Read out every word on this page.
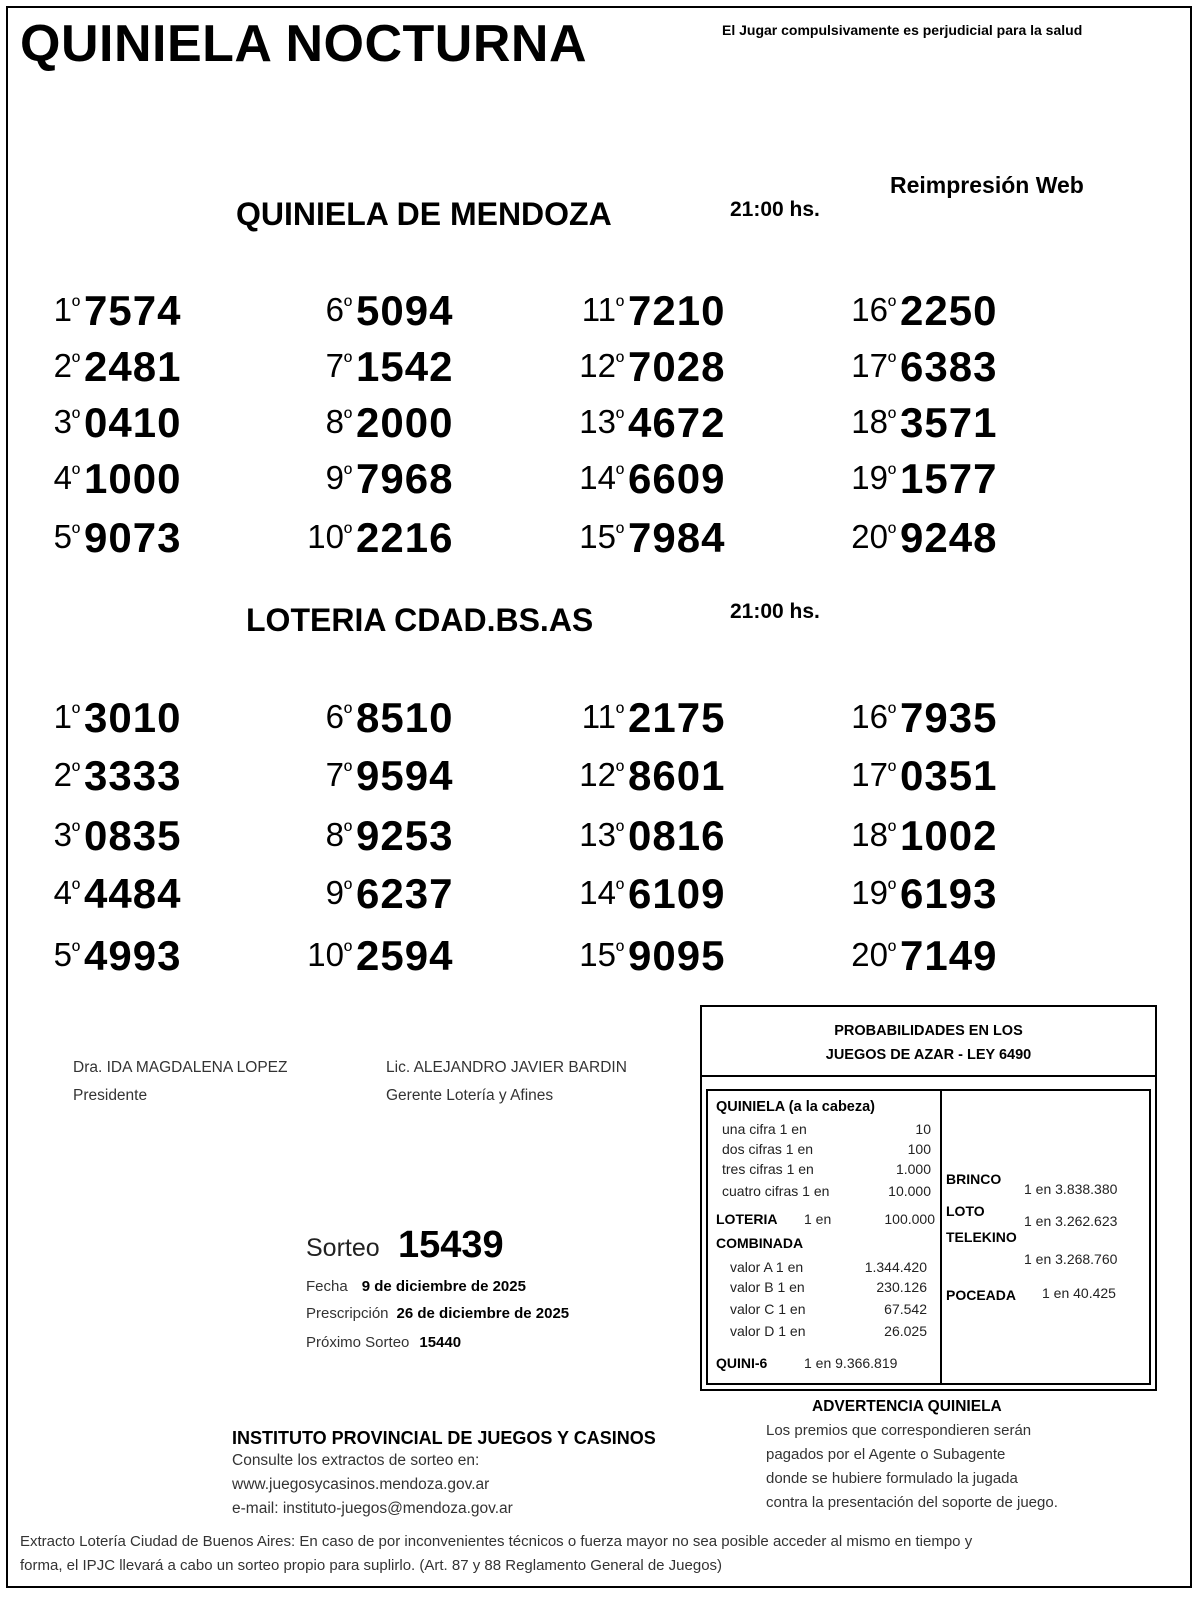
QUINIELA NOCTURNA	El Jugar compulsivamente es perjudicial para la salud
Reimpresión Web
QUINIELA DE MENDOZA	21:00 hs.
$1^º$ 7574
$2^º$ 2481
$3^º$ 0410
$4^º$ 1000
$5^º$ 9073
$6^º$ 5094
$7^º$ 1542
$8^º$ 2000
$9^º$ 7968
$10^º$ 2216
$11^º$ 7210
$12^º$ 7028
$13^º$ 4672
$14^º$ 6609
$15^º$ 7984
$16^º$ 2250
$17^º$ 6383
$18^º$ 3571
$19^º$ 1577
$20^º$ 9248
LOTERIA CDAD.BS.AS	21:00 hs.
$1^º$ 3010
$2^º$ 3333
$3^º$ 0835
$4^º$ 4484
$5^º$ 4993
$6^º$ 8510
$7^º$ 9594
$8^º$ 9253
$9^º$ 6237
$10^º$ 2594
$11^º$ 2175
$12^º$ 8601
$13^º$ 0816
$14^º$ 6109
$15^º$ 9095
$16^º$ 7935
$17^º$ 0351
$18^º$ 1002
$19^º$ 6193
$20^º$ 7149
Dra. IDA MAGDALENA LOPEZ
Presidente
Lic. ALEJANDRO JAVIER BARDIN
Gerente Lotería y Afines
PROBABILIDADES EN LOS
JUEGOS DE AZAR - LEY 6490
QUINIELA (a la cabeza)
una cifra 1 en	10
dos cifras 1 en	100
tres cifras 1 en	1.000
cuatro cifras 1 en	10.000
LOTERIA 1 en	100.000
COMBINADA
valor A 1 en	1.344.420
valor B 1 en	230.126
valor C 1 en	67.542
valor D 1 en	26.025
QUINI-6	1 en 9.366.819
BRINCO
1 en 3.838.380
LOTO
1 en 3.262.623
TELEKINO
1 en 3.268.760
POCEADA 1 en 40.425
Sorteo 15439
Fecha 9 de diciembre de 2025
Prescripción 26 de diciembre de 2025
Próximo Sorteo 15440
INSTITUTO PROVINCIAL DE JUEGOS Y CASINOS
Consulte los extractos de sorteo en:
www.juegosycasinos.mendoza.gov.ar
e-mail: instituto-juegos@mendoza.gov.ar
ADVERTENCIA QUINIELA
Los premios que correspondieren serán
pagados por el Agente o Subagente
donde se hubiere formulado la jugada
contra la presentación del soporte de juego.
Extracto Lotería Ciudad de Buenos Aires: En caso de por inconvenientes técnicos o fuerza mayor no sea posible acceder al mismo en tiempo y
forma, el IPJC llevará a cabo un sorteo propio para suplirlo. (Art. 87 y 88 Reglamento General de Juegos)
